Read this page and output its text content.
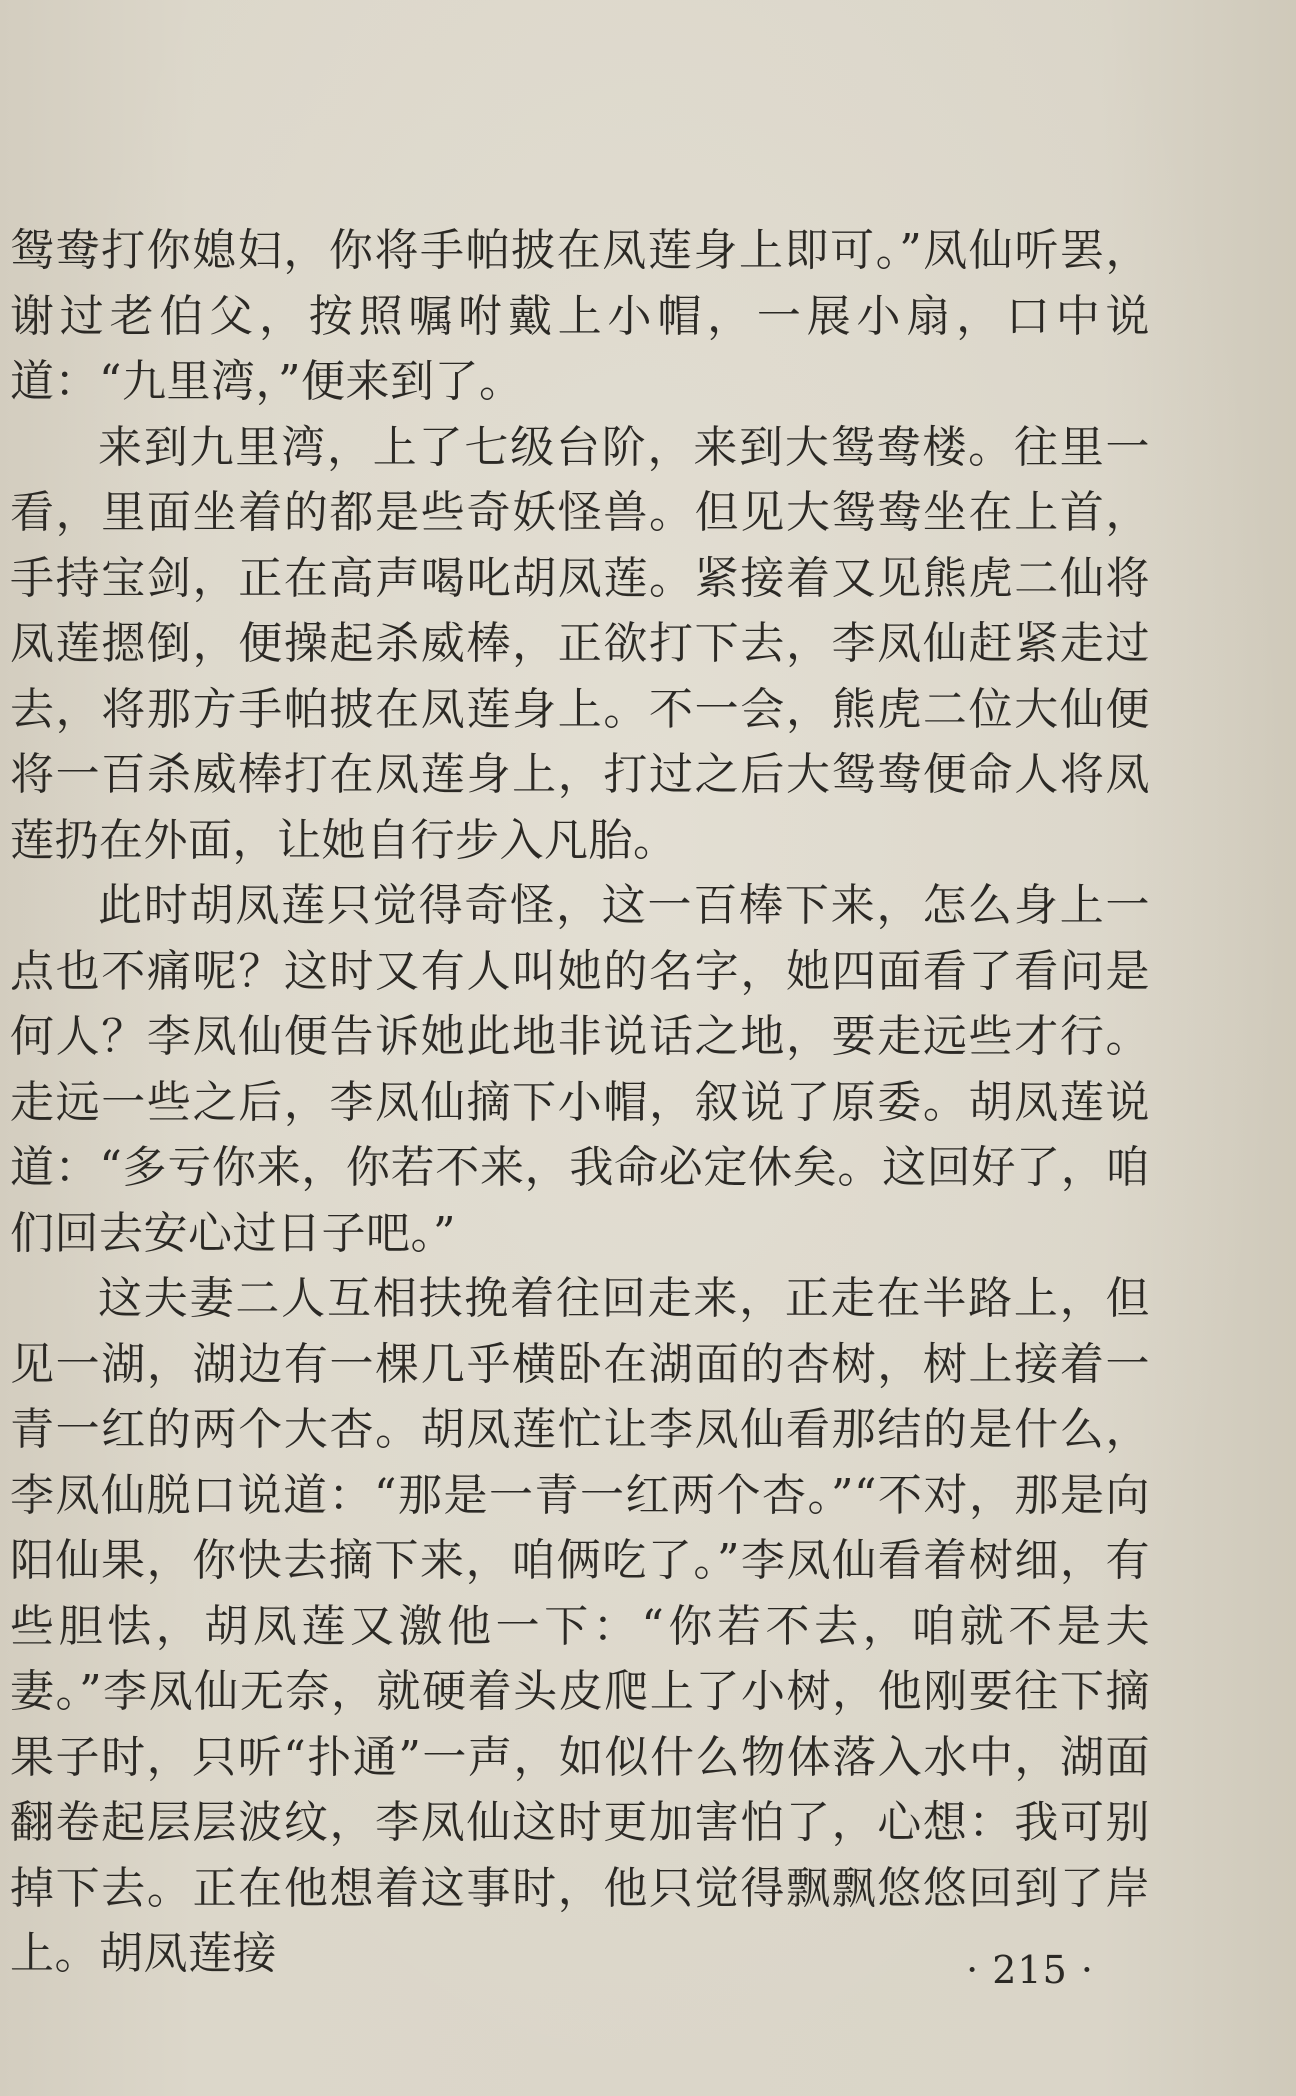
鸳鸯打你媳妇，你将手帕披在凤莲身上即可。”凤仙听罢，谢过老伯父，按照嘱咐戴上小帽，一展小扇，口中说道：“九里湾，”便来到了。

来到九里湾，上了七级台阶，来到大鸳鸯楼。往里一看，里面坐着的都是些奇妖怪兽。但见大鸳鸯坐在上首，手持宝剑，正在高声喝叱胡凤莲。紧接着又见熊虎二仙将凤莲摁倒，便操起杀威棒，正欲打下去，李凤仙赶紧走过去，将那方手帕披在凤莲身上。不一会，熊虎二位大仙便将一百杀威棒打在凤莲身上，打过之后大鸳鸯便命人将凤莲扔在外面，让她自行步入凡胎。

此时胡凤莲只觉得奇怪，这一百棒下来，怎么身上一点也不痛呢？这时又有人叫她的名字，她四面看了看问是何人？李凤仙便告诉她此地非说话之地，要走远些才行。走远一些之后，李凤仙摘下小帽，叙说了原委。胡凤莲说道：“多亏你来，你若不来，我命必定休矣。这回好了，咱们回去安心过日子吧。”

这夫妻二人互相扶挽着往回走来，正走在半路上，但见一湖，湖边有一棵几乎横卧在湖面的杏树，树上接着一青一红的两个大杏。胡凤莲忙让李凤仙看那结的是什么，李凤仙脱口说道：“那是一青一红两个杏。”“不对，那是向阳仙果，你快去摘下来，咱俩吃了。”李凤仙看着树细，有些胆怯，胡凤莲又激他一下：“你若不去，咱就不是夫妻。”李凤仙无奈，就硬着头皮爬上了小树，他刚要往下摘果子时，只听“扑通”一声，如似什么物体落入水中，湖面翻卷起层层波纹，李凤仙这时更加害怕了，心想：我可别掉下去。正在他想着这事时，他只觉得飘飘悠悠回到了岸上。胡凤莲接	· 215 ·
